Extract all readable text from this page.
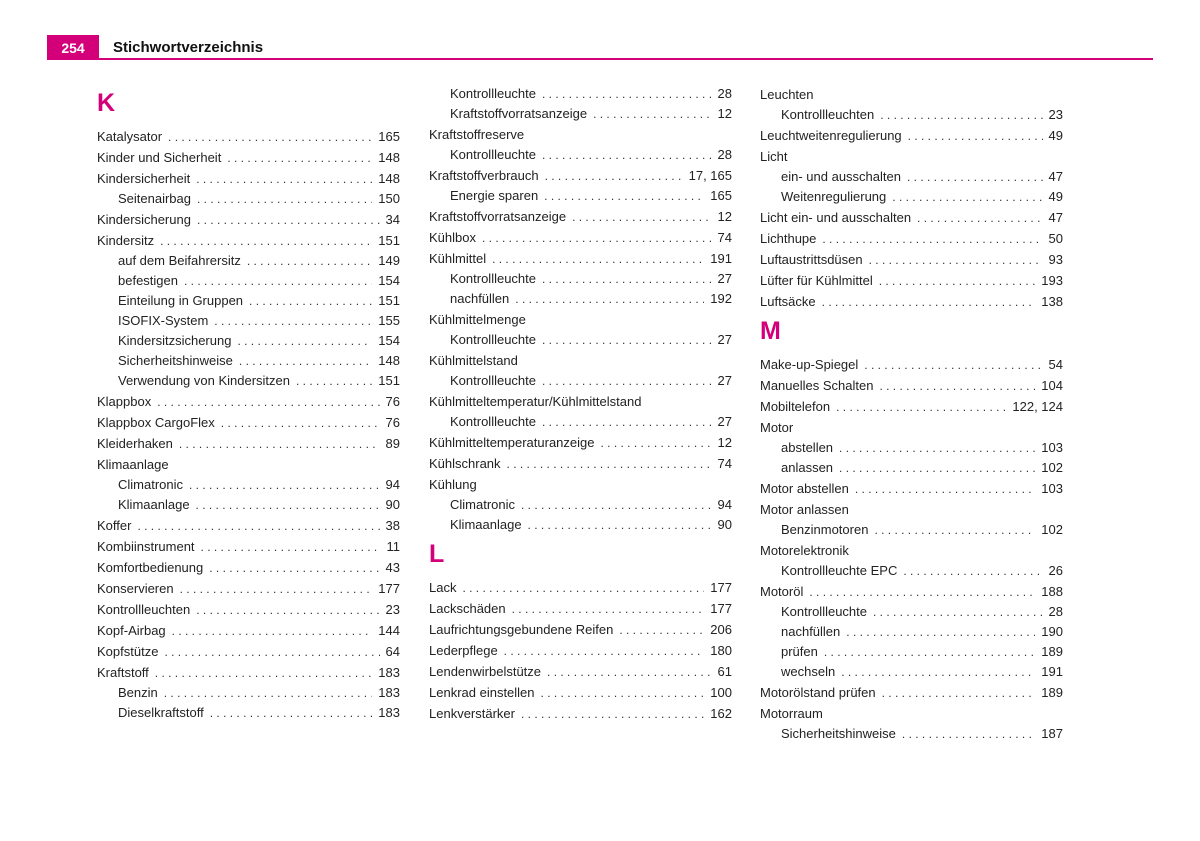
254	Stichwortverzeichnis
K
Katalysator . . .	165
Kinder und Sicherheit . . .	148
Kindersicherheit . . .	148
Seitenairbag . . .	150
Kindersicherung . . .	34
Kindersitz . . .	151
auf dem Beifahrersitz . . .	149
befestigen . . .	154
Einteilung in Gruppen . . .	151
ISOFIX-System . . .	155
Kindersitzsicherung . . .	154
Sicherheitshinweise . . .	148
Verwendung von Kindersitzen . . .	151
Klappbox . . .	76
Klappbox CargoFlex . . .	76
Kleiderhaken . . .	89
Klimaanlage
Climatronic . . .	94
Klimaanlage . . .	90
Koffer . . .	38
Kombiinstrument . . .	11
Komfortbedienung . . .	43
Konservieren . . .	177
Kontrollleuchten . . .	23
Kopf-Airbag . . .	144
Kopfstütze . . .	64
Kraftstoff . . .	183
Benzin . . .	183
Dieselkraftstoff . . .	183
Kontrollleuchte . . .	28
Kraftstoffvorratsanzeige . . .	12
Kraftstoffreserve
Kontrollleuchte . . .	28
Kraftstoffverbrauch . . .	17, 165
Energie sparen . . .	165
Kraftstoffvorratsanzeige . . .	12
Kühlbox . . .	74
Kühlmittel . . .	191
Kontrollleuchte . . .	27
nachfüllen . . .	192
Kühlmittelmenge
Kontrollleuchte . . .	27
Kühlmittelstand
Kontrollleuchte . . .	27
Kühlmitteltemperatur/Kühlmittelstand
Kontrollleuchte . . .	27
Kühlmitteltemperaturanzeige . . .	12
Kühlschrank . . .	74
Kühlung
Climatronic . . .	94
Klimaanlage . . .	90
L
Lack . . .	177
Lackschäden . . .	177
Laufrichtungsgebundene Reifen . . .	206
Lederpflege . . .	180
Lendenwirbelstütze . . .	61
Lenkrad einstellen . . .	100
Lenkverstärker . . .	162
Leuchten
Kontrollleuchten . . .	23
Leuchtweitenregulierung . . .	49
Licht
ein- und ausschalten . . .	47
Weitenregulierung . . .	49
Licht ein- und ausschalten . . .	47
Lichthupe . . .	50
Luftaustrittsdüsen . . .	93
Lüfter für Kühlmittel . . .	193
Luftsäcke . . .	138
M
Make-up-Spiegel . . .	54
Manuelles Schalten . . .	104
Mobiltelefon . . .	122, 124
Motor
abstellen . . .	103
anlassen . . .	102
Motor abstellen . . .	103
Motor anlassen
Benzinmotoren . . .	102
Motorelektronik
Kontrollleuchte EPC . . .	26
Motoröl . . .	188
Kontrollleuchte . . .	28
nachfüllen . . .	190
prüfen . . .	189
wechseln . . .	191
Motorölstand prüfen . . .	189
Motorraum
Sicherheitshinweise . . .	187
